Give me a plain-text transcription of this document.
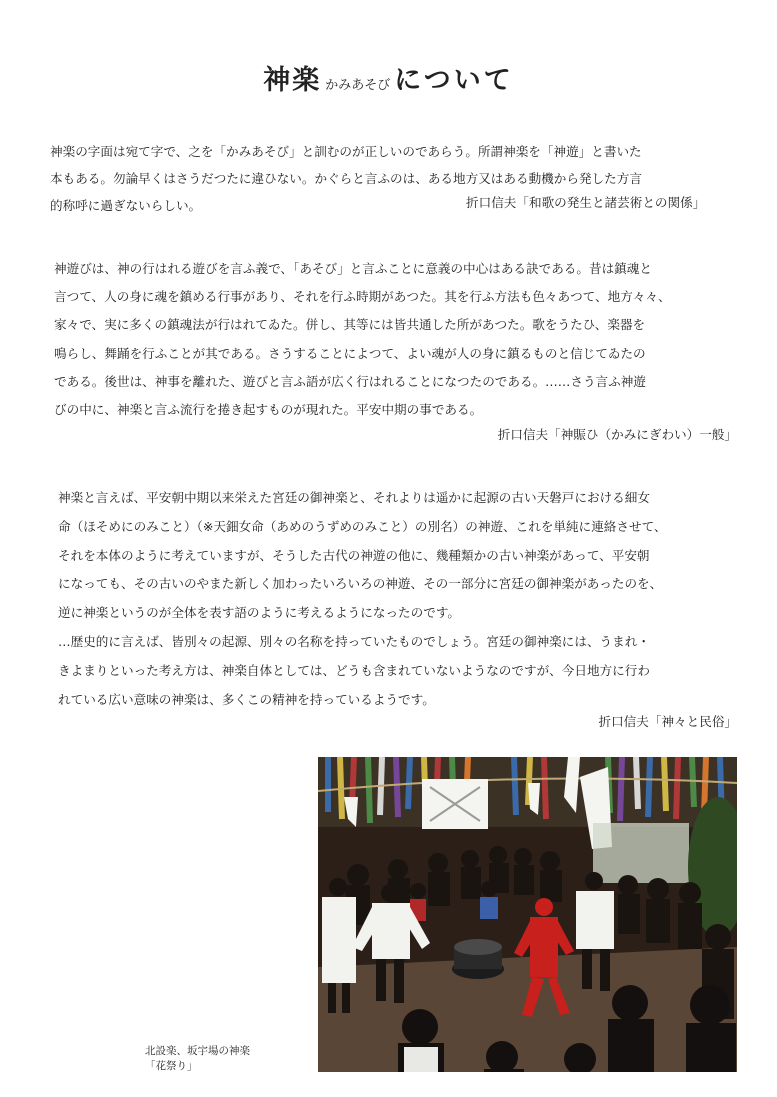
神楽 かみあそび について
神楽の字面は宛て字で、之を「かみあそび」と訓むのが正しいのであらう。所謂神楽を「神遊」と書いた
本もある。勿論早くはさうだつたに違ひない。かぐらと言ふのは、ある地方又はある動機から発した方言
的称呼に過ぎないらしい。	折口信夫「和歌の発生と諸芸術との関係」
神遊びは、神の行はれる遊びを言ふ義で、「あそび」と言ふことに意義の中心はある訣である。昔は鎮魂と
言つて、人の身に魂を鎮める行事があり、それを行ふ時期があつた。其を行ふ方法も色々あつて、地方々々、
家々で、実に多くの鎮魂法が行はれてゐた。併し、其等には皆共通した所があつた。歌をうたひ、楽器を
鳴らし、舞踊を行ふことが其である。さうすることによつて、よい魂が人の身に鎮るものと信じてゐたの
である。後世は、神事を離れた、遊びと言ふ語が広く行はれることになつたのである。……さう言ふ神遊
びの中に、神楽と言ふ流行を捲き起すものが現れた。平安中期の事である。
折口信夫「神賑ひ（かみにぎわい）一般」
神楽と言えば、平安朝中期以来栄えた宮廷の御神楽と、それよりは遥かに起源の古い天磐戸における細女
命（ほそめにのみこと）（※天鈿女命（あめのうずめのみこと）の別名）の神遊、これを単純に連絡させて、
それを本体のように考えていますが、そうした古代の神遊の他に、幾種類かの古い神楽があって、平安朝
になっても、その古いのやまた新しく加わったいろいろの神遊、その一部分に宮廷の御神楽があったのを、
逆に神楽というのが全体を表す語のように考えるようになったのです。
…歴史的に言えば、皆別々の起源、別々の名称を持っていたものでしょう。宮廷の御神楽には、うまれ・
きよまりといった考え方は、神楽自体としては、どうも含まれていないようなのですが、今日地方に行わ
れている広い意味の神楽は、多くこの精神を持っているようです。
折口信夫「神々と民俗」
北設楽、坂宇場の神楽
「花祭り」
